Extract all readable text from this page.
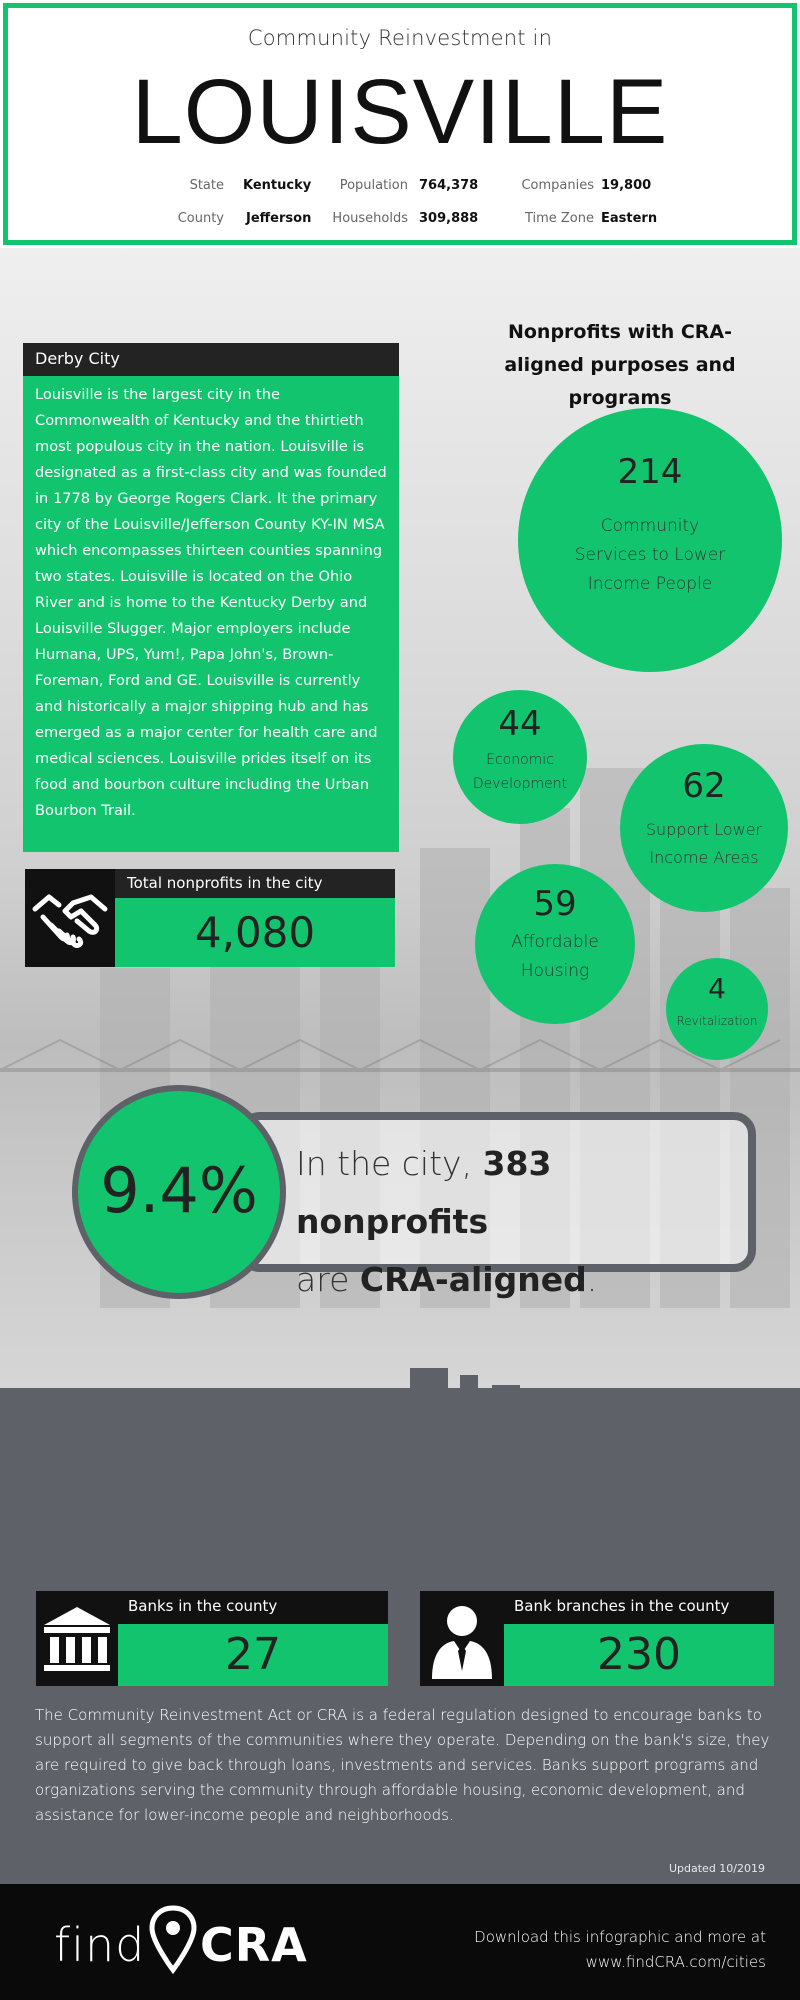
Community Reinvestment in
LOUISVILLE
State Kentucky
County Jefferson
Population 764,378
Households 309,888
Companies 19,800
Time Zone Eastern
Derby City
Louisville is the largest city in the Commonwealth of Kentucky and the thirtieth most populous city in the nation. Louisville is designated as a first-class city and was founded in 1778 by George Rogers Clark. It the primary city of the Louisville/Jefferson County KY-IN MSA which encompasses thirteen counties spanning two states. Louisville is located on the Ohio River and is home to the Kentucky Derby and Louisville Slugger. Major employers include Humana, UPS, Yum!, Papa John's, Brown-Foreman, Ford and GE. Louisville is currently and historically a major shipping hub and has emerged as a major center for health care and medical sciences. Louisville prides itself on its food and bourbon culture including the Urban Bourbon Trail.
Total nonprofits in the city
4,080
Nonprofits with CRA-aligned purposes and programs
214
Community Services to Lower Income People
44
Economic Development	62
Support Lower Income Areas
59
Affordable Housing
4
Revitalization
9.4%	In the city, 383 nonprofits
are CRA-aligned.
Banks in the county
27
Bank branches in the county
230
The Community Reinvestment Act or CRA is a federal regulation designed to encourage banks to support all segments of the communities where they operate. Depending on the bank's size, they are required to give back through loans, investments and services. Banks support programs and organizations serving the community through affordable housing, economic development, and assistance for lower-income people and neighborhoods.
Updated 10/2019
find CRA	Download this infographic and more at
www.findCRA.com/cities
